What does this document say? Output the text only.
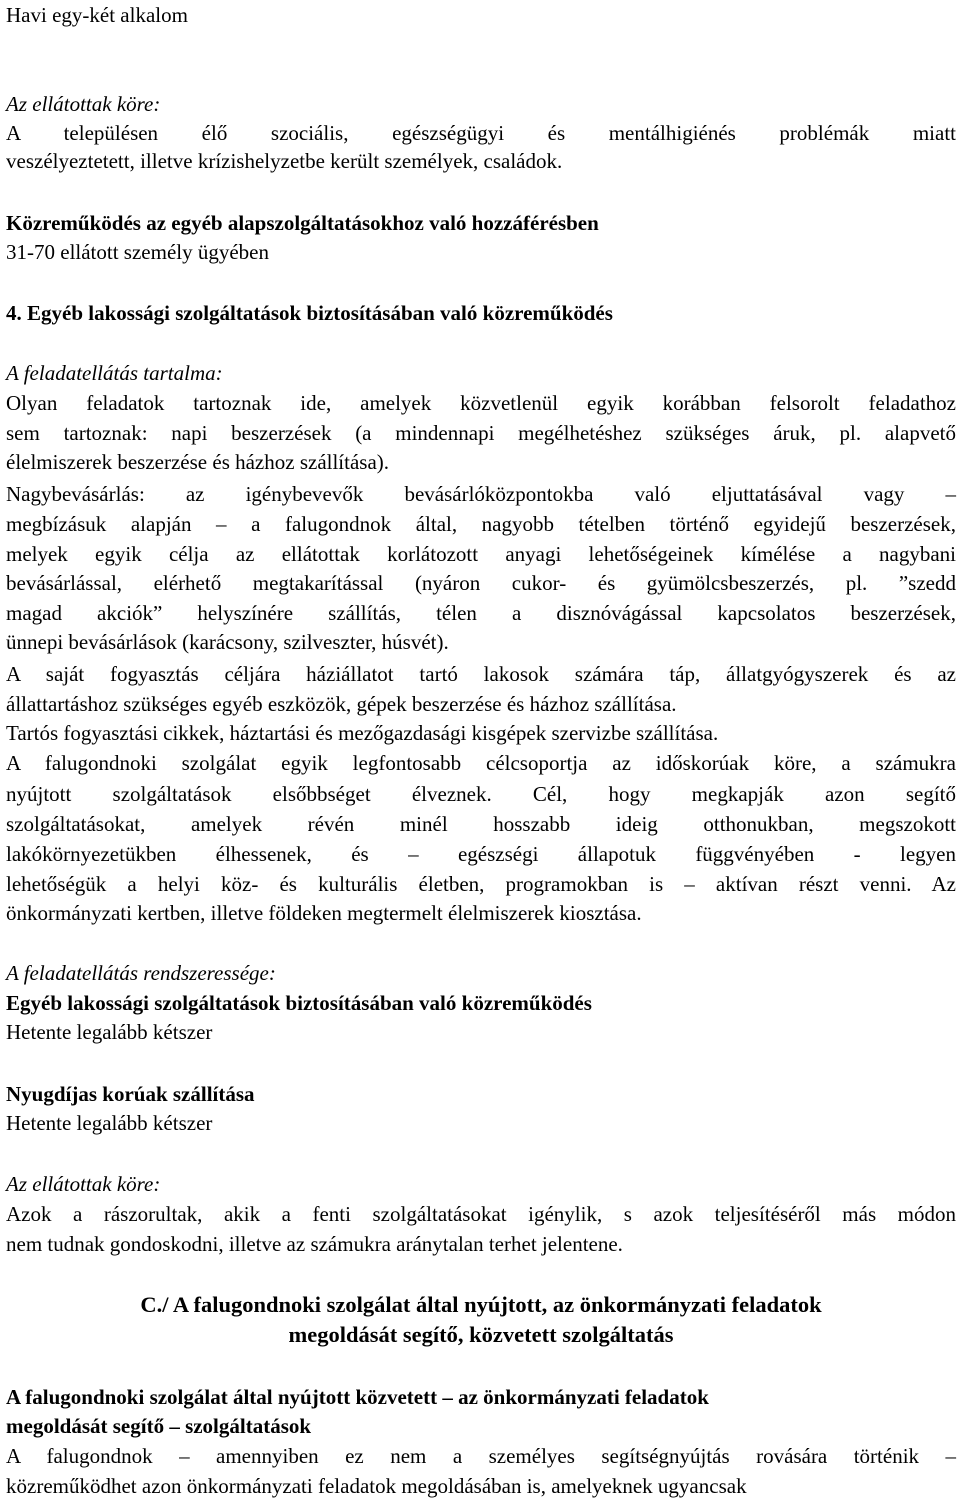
Havi egy-két alkalom
Az ellátottak köre:
A településen élő szociális, egészségügyi és mentálhigiénés problémák miatt
veszélyeztetett, illetve krízishelyzetbe került személyek, családok.
Közreműködés az egyéb alapszolgáltatásokhoz való hozzáférésben
31-70 ellátott személy ügyében
4. Egyéb lakossági szolgáltatások biztosításában való közreműködés
A feladatellátás tartalma:
Olyan feladatok tartoznak ide, amelyek közvetlenül egyik korábban felsorolt feladathoz
sem tartoznak: napi beszerzések (a mindennapi megélhetéshez szükséges áruk, pl. alapvető
élelmiszerek beszerzése és házhoz szállítása).
Nagybevásárlás: az igénybevevők bevásárlóközpontokba való eljuttatásával vagy –
megbízásuk alapján – a falugondnok által, nagyobb tételben történő egyidejű beszerzések,
melyek egyik célja az ellátottak korlátozott anyagi lehetőségeinek kímélése a nagybani
bevásárlással, elérhető megtakarítással (nyáron cukor- és gyümölcsbeszerzés, pl. ”szedd
magad akciók” helyszínére szállítás, télen a disznóvágással kapcsolatos beszerzések,
ünnepi bevásárlások (karácsony, szilveszter, húsvét).
A saját fogyasztás céljára háziállatot tartó lakosok számára táp, állatgyógyszerek és az
állattartáshoz szükséges egyéb eszközök, gépek beszerzése és házhoz szállítása.
Tartós fogyasztási cikkek, háztartási és mezőgazdasági kisgépek szervizbe szállítása.
A falugondnoki szolgálat egyik legfontosabb célcsoportja az időskorúak köre, a számukra
nyújtott szolgáltatások elsőbbséget élveznek. Cél, hogy megkapják azon segítő
szolgáltatásokat, amelyek révén minél hosszabb ideig otthonukban, megszokott
lakókörnyezetükben élhessenek, és – egészségi állapotuk függvényében - legyen
lehetőségük a helyi köz- és kulturális életben, programokban is – aktívan részt venni. Az
önkormányzati kertben, illetve földeken megtermelt élelmiszerek kiosztása.
A feladatellátás rendszeressége:
Egyéb lakossági szolgáltatások biztosításában való közreműködés
Hetente legalább kétszer
Nyugdíjas korúak szállítása
Hetente legalább kétszer
Az ellátottak köre:
Azok a rászorultak, akik a fenti szolgáltatásokat igénylik, s azok teljesítéséről más módon
nem tudnak gondoskodni, illetve az számukra aránytalan terhet jelentene.
C./ A falugondnoki szolgálat által nyújtott, az önkormányzati feladatok
megoldását segítő, közvetett szolgáltatás
A falugondnoki szolgálat által nyújtott közvetett – az önkormányzati feladatok
megoldását segítő – szolgáltatások
A falugondnok – amennyiben ez nem a személyes segítségnyújtás rovására történik –
közreműködhet azon önkormányzati feladatok megoldásában is, amelyeknek ugyancsak
